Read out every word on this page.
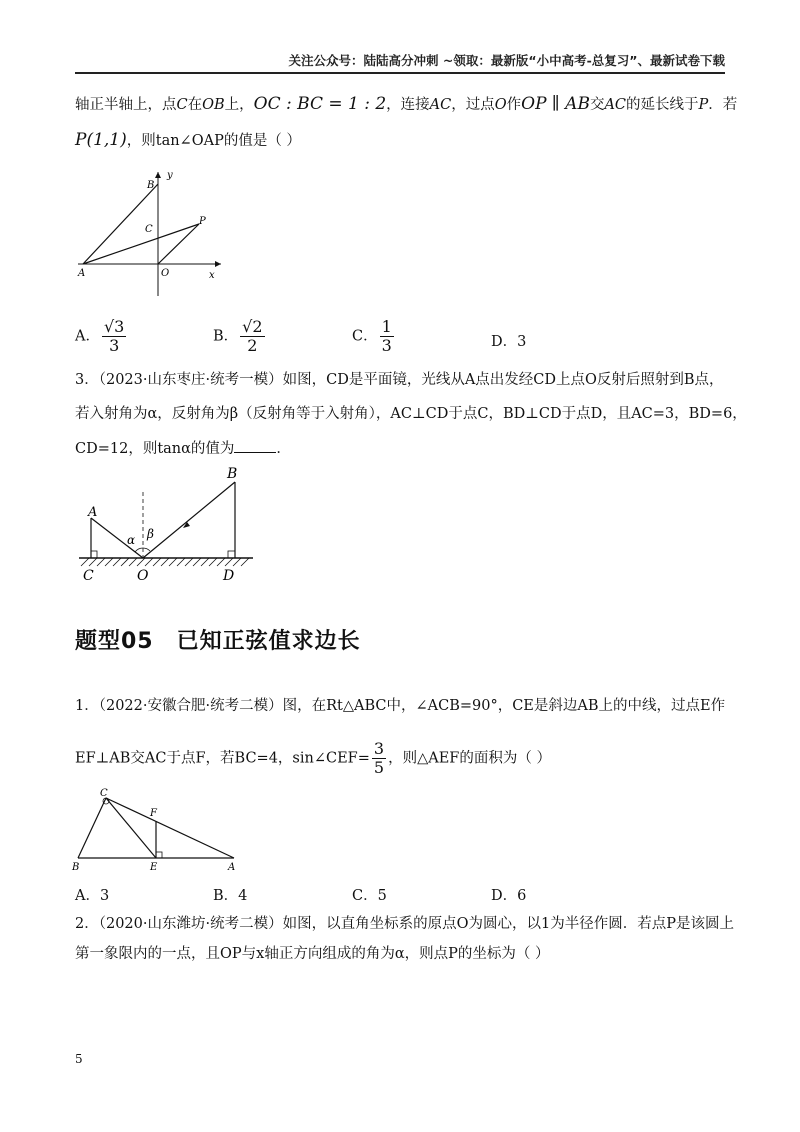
关注公众号：陆陆高分冲刺 ~领取：最新版“小中高考-总复习”、最新试卷下载
轴正半轴上，点C在OB上，OC : BC = 1 : 2，连接AC，过点O作OP ∥ AB交AC的延长线于P．若
P(1,1)，则tan∠OAP的值是（ ）
B
y
C
P
A	O	x
A． $\frac{√3}{3}$	B． $\frac{√2}{2}$	C． $\frac{1}{3}$	D．3
3．（2023·山东枣庄·统考一模）如图，CD是平面镜，光线从A点出发经CD上点O反射后照射到B点，
若入射角为α，反射角为β（反射角等于入射角），AC⊥CD于点C，BD⊥CD于点D，且AC=3，BD=6，
CD=12，则tanα的值为	．
A
B
C	O	D
α β
题型05　已知正弦值求边长
1．（2022·安徽合肥·统考二模）图，在Rt△ABC中，∠ACB=90°，CE是斜边AB上的中线，过点E作
EF⊥AB交AC于点F，若BC=4，sin∠CEF= $\frac{3}{5}$ ，则△AEF的面积为（ ）
C
F
B	E	A
A．3	B．4	C．5	D．6
2．（2020·山东潍坊·统考二模）如图，以直角坐标系的原点O为圆心，以1为半径作圆．若点P是该圆上
第一象限内的一点，且OP与x轴正方向组成的角为α，则点P的坐标为（ ）
5
